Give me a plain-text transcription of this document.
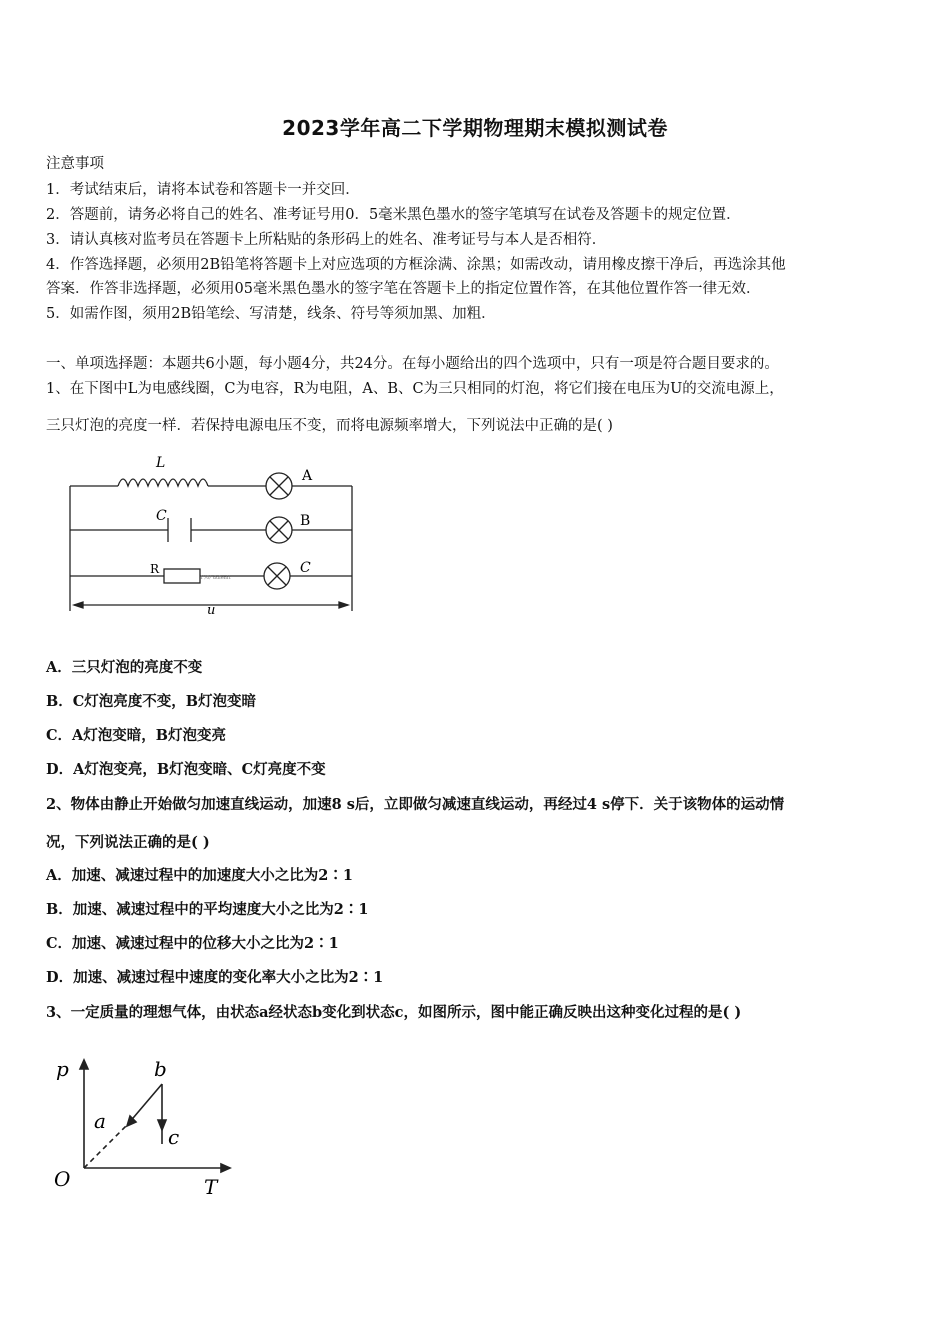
2023学年高二下学期物理期末模拟测试卷
注意事项
1．考试结束后，请将本试卷和答题卡一并交回．
2．答题前，请务必将自己的姓名、准考证号用0．5毫米黑色墨水的签字笔填写在试卷及答题卡的规定位置．
3．请认真核对监考员在答题卡上所粘贴的条形码上的姓名、准考证号与本人是否相符．
4．作答选择题，必须用2B铅笔将答题卡上对应选项的方框涂满、涂黑；如需改动，请用橡皮擦干净后，再选涂其他
答案．作答非选择题，必须用05毫米黑色墨水的签字笔在答题卡上的指定位置作答，在其他位置作答一律无效．
5．如需作图，须用2B铅笔绘、写清楚，线条、符号等须加黑、加粗．
一、单项选择题：本题共6小题，每小题4分，共24分。在每小题给出的四个选项中，只有一项是符合题目要求的。
1、在下图中L为电感线圈，C为电容，R为电阻，A、B、C为三只相同的灯泡，将它们接在电压为U的交流电源上，
三只灯泡的亮度一样．若保持电源电压不变，而将电源频率增大，下列说法中正确的是( )
L
A
C	B
R
1'/0/ dulenit
C
u
A．三只灯泡的亮度不变
B．C灯泡亮度不变，B灯泡变暗
C．A灯泡变暗，B灯泡变亮
D．A灯泡变亮，B灯泡变暗、C灯亮度不变
2、物体由静止开始做匀加速直线运动，加速8 s后，立即做匀减速直线运动，再经过4 s停下．关于该物体的运动情
况，下列说法正确的是( )
A．加速、减速过程中的加速度大小之比为2∶1
B．加速、减速过程中的平均速度大小之比为2∶1
C．加速、减速过程中的位移大小之比为2∶1
D．加速、减速过程中速度的变化率大小之比为2∶1
3、一定质量的理想气体，由状态a经状态b变化到状态c，如图所示，图中能正确反映出这种变化过程的是( )
p	b
a
c
O	T
